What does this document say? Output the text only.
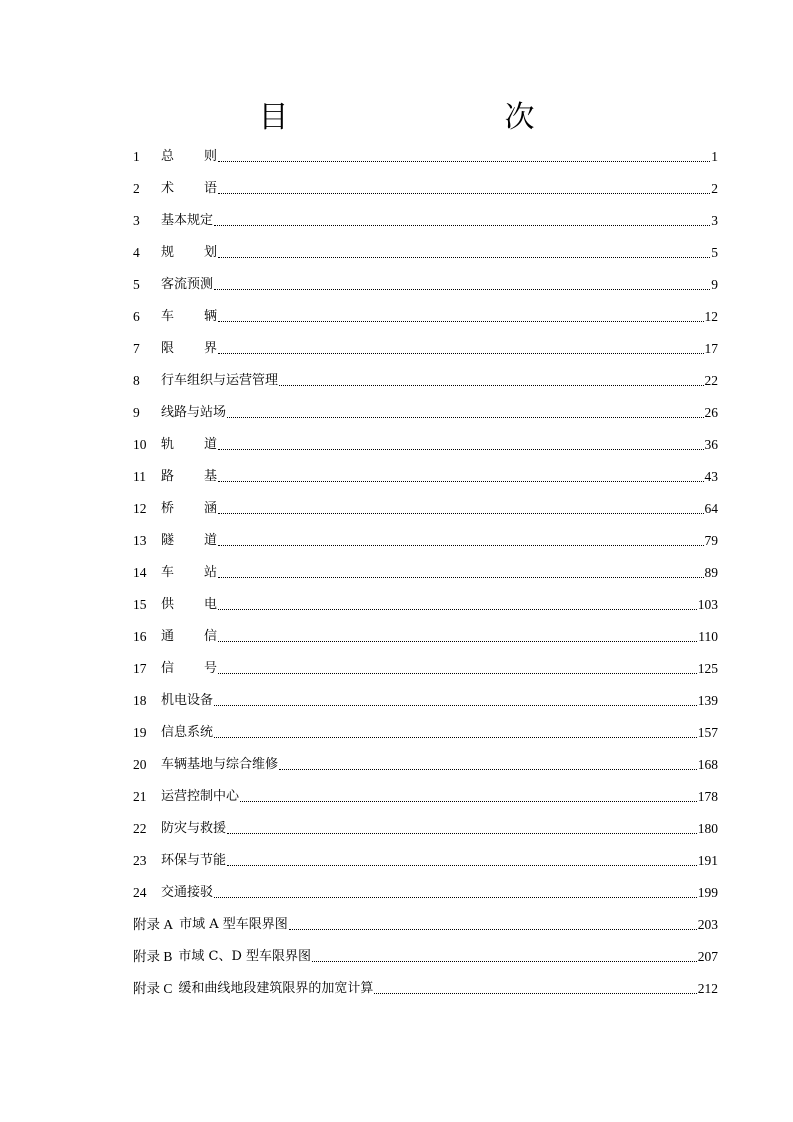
目　　次
1	总 则	1
2	术 语	2
3	基本规定	3
4	规 划	5
5	客流预测	9
6	车 辆	12
7	限 界	17
8	行车组织与运营管理	22
9	线路与站场	26
10	轨 道	36
11	路 基	43
12	桥 涵	64
13	隧 道	79
14	车 站	89
15	供 电	103
16	通 信	110
17	信 号	125
18	机电设备	139
19	信息系统	157
20	车辆基地与综合维修	168
21	运营控制中心	178
22	防灾与救援	180
23	环保与节能	191
24	交通接驳	199
附录 A 市域 A 型车限界图	203
附录 B 市域 C、D 型车限界图	207
附录 C 缓和曲线地段建筑限界的加宽计算	212
